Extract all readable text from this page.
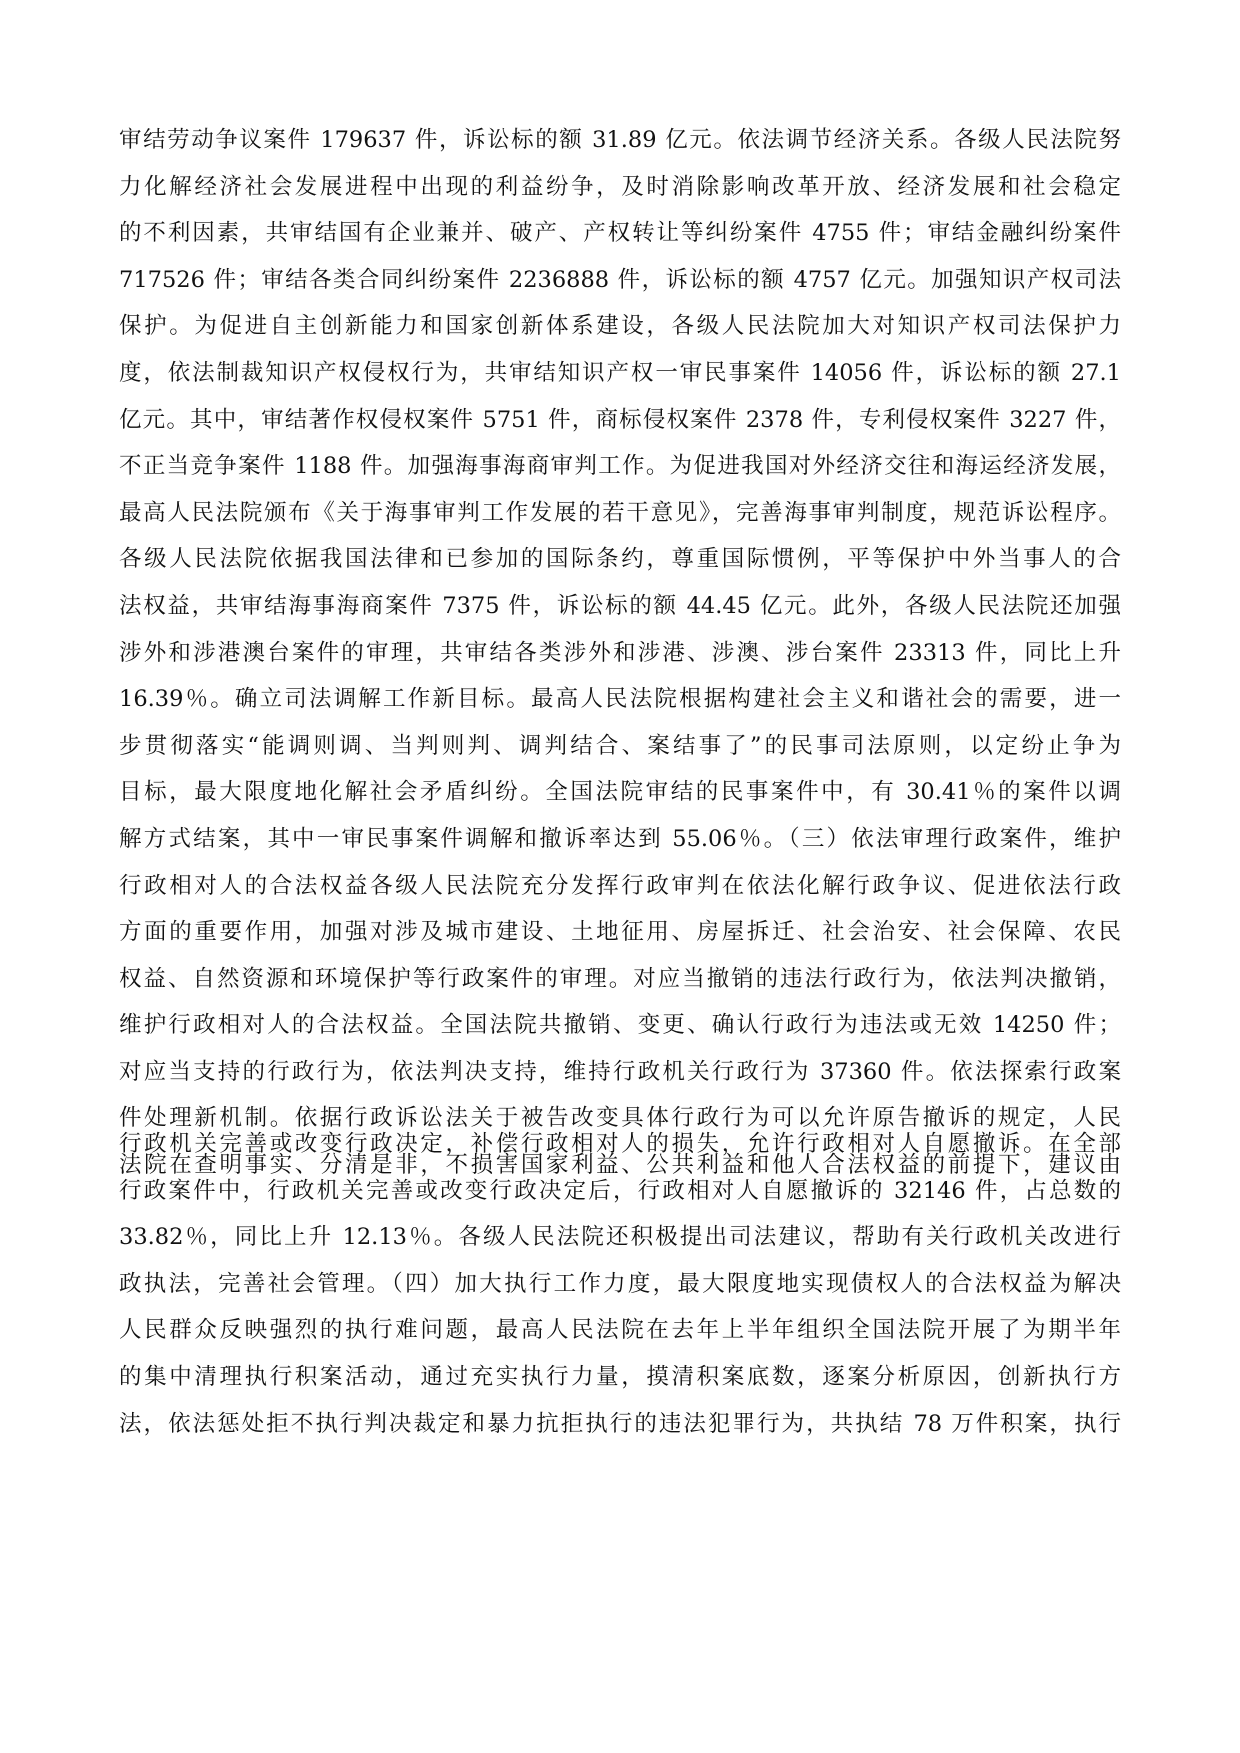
审结劳动争议案件 179637 件，诉讼标的额 31.89 亿元。依法调节经济关系。各级人民法院努
力化解经济社会发展进程中出现的利益纷争，及时消除影响改革开放、经济发展和社会稳定
的不利因素，共审结国有企业兼并、破产、产权转让等纠纷案件 4755 件；审结金融纠纷案件
717526 件；审结各类合同纠纷案件 2236888 件，诉讼标的额 4757 亿元。加强知识产权司法
保护。为促进自主创新能力和国家创新体系建设，各级人民法院加大对知识产权司法保护力
度，依法制裁知识产权侵权行为，共审结知识产权一审民事案件 14056 件，诉讼标的额 27.1
亿元。其中，审结著作权侵权案件 5751 件，商标侵权案件 2378 件，专利侵权案件 3227 件，
不正当竞争案件 1188 件。加强海事海商审判工作。为促进我国对外经济交往和海运经济发展，
最高人民法院颁布《关于海事审判工作发展的若干意见》，完善海事审判制度，规范诉讼程序。
各级人民法院依据我国法律和已参加的国际条约，尊重国际惯例，平等保护中外当事人的合
法权益，共审结海事海商案件 7375 件，诉讼标的额 44.45 亿元。此外，各级人民法院还加强
涉外和涉港澳台案件的审理，共审结各类涉外和涉港、涉澳、涉台案件 23313 件，同比上升
16.39％。确立司法调解工作新目标。最高人民法院根据构建社会主义和谐社会的需要，进一
步贯彻落实“能调则调、当判则判、调判结合、案结事了”的民事司法原则，以定纷止争为
目标，最大限度地化解社会矛盾纠纷。全国法院审结的民事案件中，有 30.41％的案件以调
解方式结案，其中一审民事案件调解和撤诉率达到 55.06％。（三）依法审理行政案件，维护
行政相对人的合法权益各级人民法院充分发挥行政审判在依法化解行政争议、促进依法行政
方面的重要作用，加强对涉及城市建设、土地征用、房屋拆迁、社会治安、社会保障、农民
权益、自然资源和环境保护等行政案件的审理。对应当撤销的违法行政行为，依法判决撤销，
维护行政相对人的合法权益。全国法院共撤销、变更、确认行政行为违法或无效 14250 件；
对应当支持的行政行为，依法判决支持，维持行政机关行政行为 37360 件。依法探索行政案
件处理新机制。依据行政诉讼法关于被告改变具体行政行为可以允许原告撤诉的规定，人民
法院在查明事实、分清是非，不损害国家利益、公共利益和他人合法权益的前提下，建议由
行政机关完善或改变行政决定，补偿行政相对人的损失，允许行政相对人自愿撤诉。在全部
行政案件中，行政机关完善或改变行政决定后，行政相对人自愿撤诉的 32146 件，占总数的
33.82％，同比上升 12.13％。各级人民法院还积极提出司法建议，帮助有关行政机关改进行
政执法，完善社会管理。（四）加大执行工作力度，最大限度地实现债权人的合法权益为解决
人民群众反映强烈的执行难问题，最高人民法院在去年上半年组织全国法院开展了为期半年
的集中清理执行积案活动，通过充实执行力量，摸清积案底数，逐案分析原因，创新执行方
法，依法惩处拒不执行判决裁定和暴力抗拒执行的违法犯罪行为，共执结 78 万件积案，执行
